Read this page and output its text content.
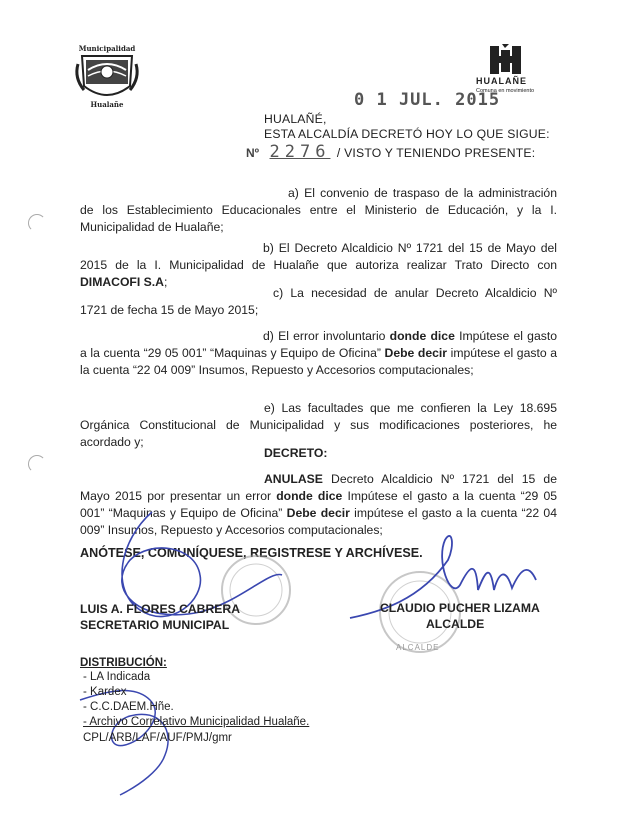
Municipalidad
Hualañe
HUALAÑE
Comuna en movimiento
0 1 JUL. 2015
HUALAÑÉ,
ESTA ALCALDÍA DECRETÓ HOY LO QUE SIGUE:
Nº 2276 / VISTO Y TENIENDO PRESENTE:
a) El convenio de traspaso de la administración de los Establecimiento Educacionales entre el Ministerio de Educación, y la I. Municipalidad de Hualañe;
b) El Decreto Alcaldicio Nº 1721 del 15 de Mayo del 2015 de la I. Municipalidad de Hualañe que autoriza realizar Trato Directo con DIMACOFI S.A;
c) La necesidad de anular Decreto Alcaldicio Nº 1721 de fecha 15 de Mayo 2015;
d) El error involuntario donde dice Impútese el gasto a la cuenta “29 05 001” “Maquinas y Equipo de Oficina” Debe decir impútese el gasto a la cuenta “22 04 009” Insumos, Repuesto y Accesorios computacionales;
e) Las facultades que me confieren la Ley 18.695 Orgánica Constitucional de Municipalidad y sus modificaciones posteriores, he acordado y;
DECRETO:
ANULASE Decreto Alcaldicio Nº 1721 del 15 de Mayo 2015 por presentar un error donde dice Impútese el gasto a la cuenta “29 05 001” “Maquinas y Equipo de Oficina” Debe decir impútese el gasto a la cuenta “22 04 009” Insumos, Repuesto y Accesorios computacionales;
ANÓTESE, COMUNÍQUESE, REGISTRESE Y ARCHÍVESE.
ALCALDE
LUIS A. FLORES CABRERA
SECRETARIO MUNICIPAL
CLAUDIO PUCHER LIZAMA
ALCALDE
DISTRIBUCIÓN:
- LA Indicada
- Kardex
- C.C.DAEM.Hñe.
- Archivo Correlativo Municipalidad Hualañe.
CPL/ARB/LAF/AUF/PMJ/gmr
